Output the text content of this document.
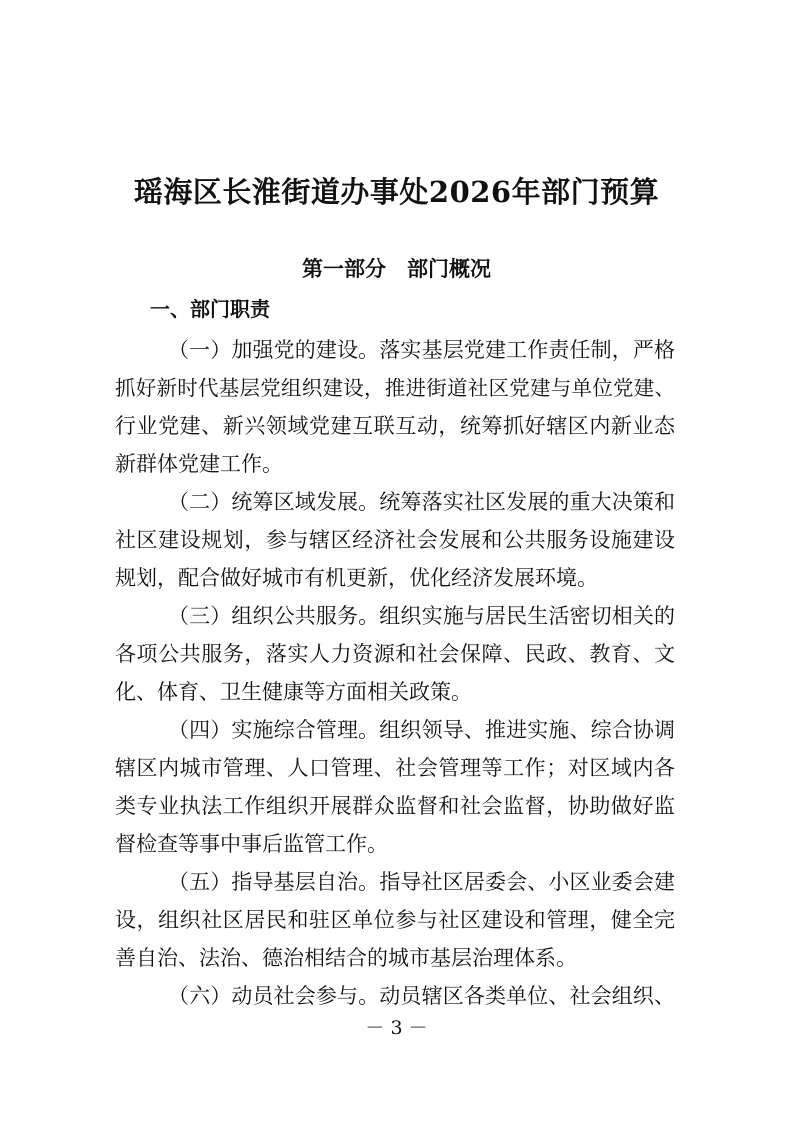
瑶海区长淮街道办事处2026年部门预算
第一部分　部门概况
一、部门职责
（一）加强党的建设。落实基层党建工作责任制，严格
抓好新时代基层党组织建设，推进街道社区党建与单位党建、
行业党建、新兴领域党建互联互动，统筹抓好辖区内新业态
新群体党建工作。
（二）统筹区域发展。统筹落实社区发展的重大决策和
社区建设规划，参与辖区经济社会发展和公共服务设施建设
规划，配合做好城市有机更新，优化经济发展环境。
（三）组织公共服务。组织实施与居民生活密切相关的
各项公共服务，落实人力资源和社会保障、民政、教育、文
化、体育、卫生健康等方面相关政策。
（四）实施综合管理。组织领导、推进实施、综合协调
辖区内城市管理、人口管理、社会管理等工作；对区域内各
类专业执法工作组织开展群众监督和社会监督，协助做好监
督检查等事中事后监管工作。
（五）指导基层自治。指导社区居委会、小区业委会建
设，组织社区居民和驻区单位参与社区建设和管理，健全完
善自治、法治、德治相结合的城市基层治理体系。
（六）动员社会参与。动员辖区各类单位、社会组织、
－ 3 －
